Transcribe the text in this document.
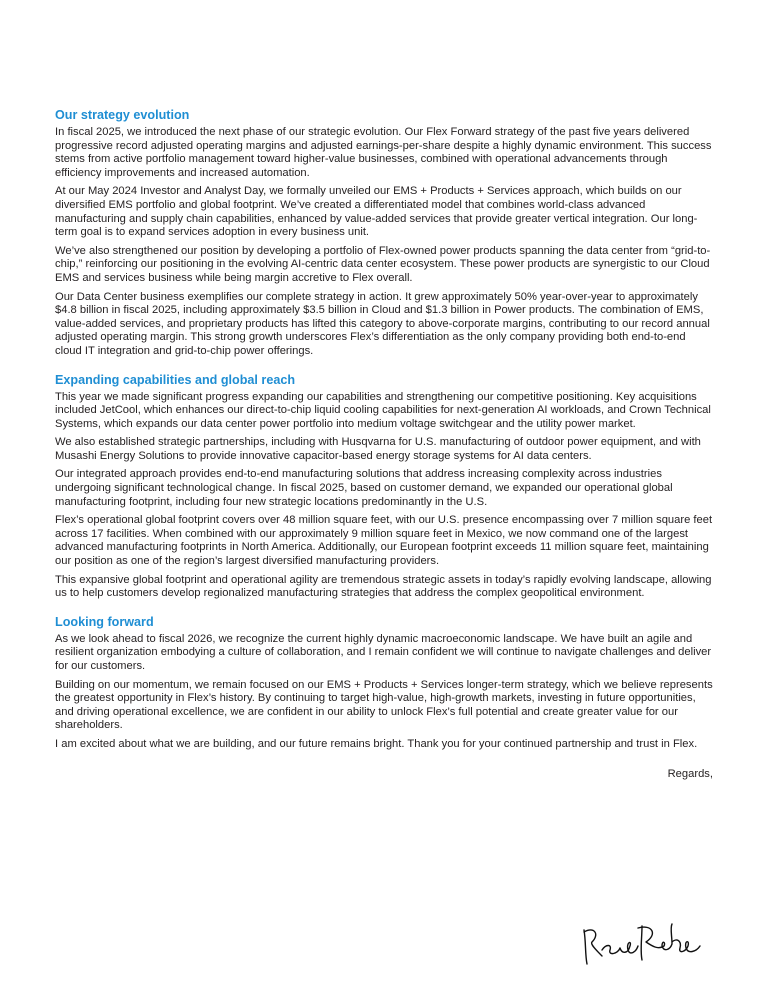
Our strategy evolution

In fiscal 2025, we introduced the next phase of our strategic evolution. Our Flex Forward strategy of the past five years delivered progressive record adjusted operating margins and adjusted earnings-per-share despite a highly dynamic environment. This success stems from active portfolio management toward higher-value businesses, combined with operational advancements through efficiency improvements and increased automation.

At our May 2024 Investor and Analyst Day, we formally unveiled our EMS + Products + Services approach, which builds on our diversified EMS portfolio and global footprint. We’ve created a differentiated model that combines world-class advanced manufacturing and supply chain capabilities, enhanced by value-added services that provide greater vertical integration. Our long-term goal is to expand services adoption in every business unit.

We’ve also strengthened our position by developing a portfolio of Flex-owned power products spanning the data center from “grid-to-chip,” reinforcing our positioning in the evolving AI-centric data center ecosystem. These power products are synergistic to our Cloud EMS and services business while being margin accretive to Flex overall.

Our Data Center business exemplifies our complete strategy in action. It grew approximately 50% year-over-year to approximately $4.8 billion in fiscal 2025, including approximately $3.5 billion in Cloud and $1.3 billion in Power products. The combination of EMS, value-added services, and proprietary products has lifted this category to above-corporate margins, contributing to our record annual adjusted operating margin. This strong growth underscores Flex’s differentiation as the only company providing both end-to-end cloud IT integration and grid-to-chip power offerings.

Expanding capabilities and global reach

This year we made significant progress expanding our capabilities and strengthening our competitive positioning. Key acquisitions included JetCool, which enhances our direct-to-chip liquid cooling capabilities for next-generation AI workloads, and Crown Technical Systems, which expands our data center power portfolio into medium voltage switchgear and the utility power market.

We also established strategic partnerships, including with Husqvarna for U.S. manufacturing of outdoor power equipment, and with Musashi Energy Solutions to provide innovative capacitor-based energy storage systems for AI data centers.

Our integrated approach provides end-to-end manufacturing solutions that address increasing complexity across industries undergoing significant technological change. In fiscal 2025, based on customer demand, we expanded our operational global manufacturing footprint, including four new strategic locations predominantly in the U.S.

Flex’s operational global footprint covers over 48 million square feet, with our U.S. presence encompassing over 7 million square feet across 17 facilities. When combined with our approximately 9 million square feet in Mexico, we now command one of the largest advanced manufacturing footprints in North America. Additionally, our European footprint exceeds 11 million square feet, maintaining our position as one of the region’s largest diversified manufacturing providers.

This expansive global footprint and operational agility are tremendous strategic assets in today’s rapidly evolving landscape, allowing us to help customers develop regionalized manufacturing strategies that address the complex geopolitical environment.

Looking forward

As we look ahead to fiscal 2026, we recognize the current highly dynamic macroeconomic landscape. We have built an agile and resilient organization embodying a culture of collaboration, and I remain confident we will continue to navigate challenges and deliver for our customers.

Building on our momentum, we remain focused on our EMS + Products + Services longer-term strategy, which we believe represents the greatest opportunity in Flex’s history. By continuing to target high-value, high-growth markets, investing in future opportunities, and driving operational excellence, we are confident in our ability to unlock Flex’s full potential and create greater value for our shareholders.

I am excited about what we are building, and our future remains bright. Thank you for your continued partnership and trust in Flex.

Regards,
